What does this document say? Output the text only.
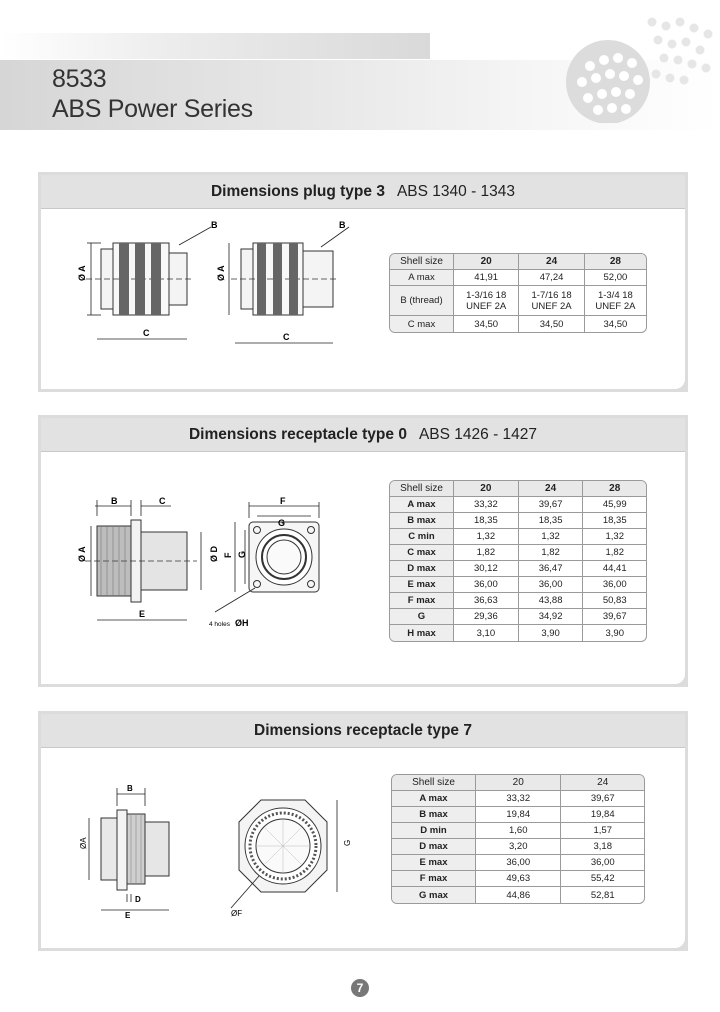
8533
ABS Power Series
Dimensions plug type 3 ABS 1340 - 1343
Ø A
B
C
Ø A
B
C
Shell size	20	24	28
A max	41,91	47,24	52,00
B (thread)	1-3/16 18 UNEF 2A	1-7/16 18 UNEF 2A	1-3/4 18 UNEF 2A
C max	34,50	34,50	34,50
Dimensions receptacle type 0 ABS 1426 - 1427
B	C
Ø A	Ø D
E
F
G
F G
4 holes ØH
Shell size	20	24	28
A max	33,32	39,67	45,99
B max	18,35	18,35	18,35
C min	1,32	1,32	1,32
C max	1,82	1,82	1,82
D max	30,12	36,47	44,41
E max	36,00	36,00	36,00
F max	36,63	43,88	50,83
G	29,36	34,92	39,67
H max	3,10	3,90	3,90
Dimensions receptacle type 7
B
ØA
D
E
G
ØF
Shell size	20	24
A max	33,32	39,67
B max	19,84	19,84
D min	1,60	1,57
D max	3,20	3,18
E max	36,00	36,00
F max	49,63	55,42
G max	44,86	52,81
7
